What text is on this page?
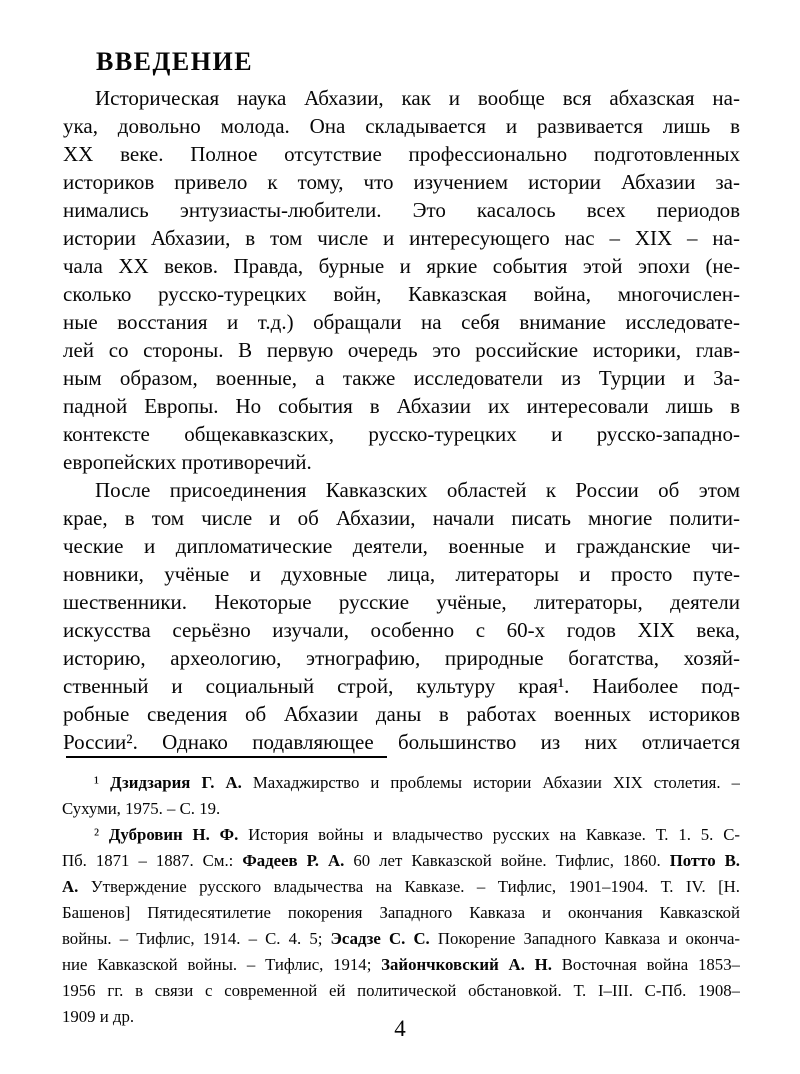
ВВЕДЕНИЕ
Историческая наука Абхазии, как и вообще вся абхазская на-
ука, довольно молода. Она складывается и развивается лишь в
XX веке. Полное отсутствие профессионально подготовленных
историков привело к тому, что изучением истории Абхазии за-
нимались энтузиасты-любители. Это касалось всех периодов
истории Абхазии, в том числе и интересующего нас – XIX – на-
чала XX веков. Правда, бурные и яркие события этой эпохи (не-
сколько русско-турецких войн, Кавказская война, многочислен-
ные восстания и т.д.) обращали на себя внимание исследовате-
лей со стороны. В первую очередь это российские историки, глав-
ным образом, военные, а также исследователи из Турции и За-
падной Европы. Но события в Абхазии их интересовали лишь в
контексте общекавказских, русско-турецких и русско-западно-
европейских противоречий.
После присоединения Кавказских областей к России об этом
крае, в том числе и об Абхазии, начали писать многие полити-
ческие и дипломатические деятели, военные и гражданские чи-
новники, учёные и духовные лица, литераторы и просто путе-
шественники. Некоторые русские учёные, литераторы, деятели
искусства серьёзно изучали, особенно с 60-х годов XIX века,
историю, археологию, этнографию, природные богатства, хозяй-
ственный и социальный строй, культуру края¹. Наиболее под-
робные сведения об Абхазии даны в работах военных историков
России². Однако подавляющее большинство из них отличается
¹ Дзидзария Г. А. Махаджирство и проблемы истории Абхазии XIX столетия. –
Сухуми, 1975. – С. 19.
² Дубровин Н. Ф. История войны и владычество русских на Кавказе. Т. 1. 5. С-
Пб. 1871 – 1887. См.: Фадеев Р. А. 60 лет Кавказской войне. Тифлис, 1860. Потто В.
А. Утверждение русского владычества на Кавказе. – Тифлис, 1901–1904. Т. IV. [Н.
Башенов] Пятидесятилетие покорения Западного Кавказа и окончания Кавказской
войны. – Тифлис, 1914. – С. 4. 5; Эсадзе С. С. Покорение Западного Кавказа и оконча-
ние Кавказской войны. – Тифлис, 1914; Зайончковский А. Н. Восточная война 1853–
1956 гг. в связи с современной ей политической обстановкой. Т. I–III. С-Пб. 1908–
1909 и др.	4
